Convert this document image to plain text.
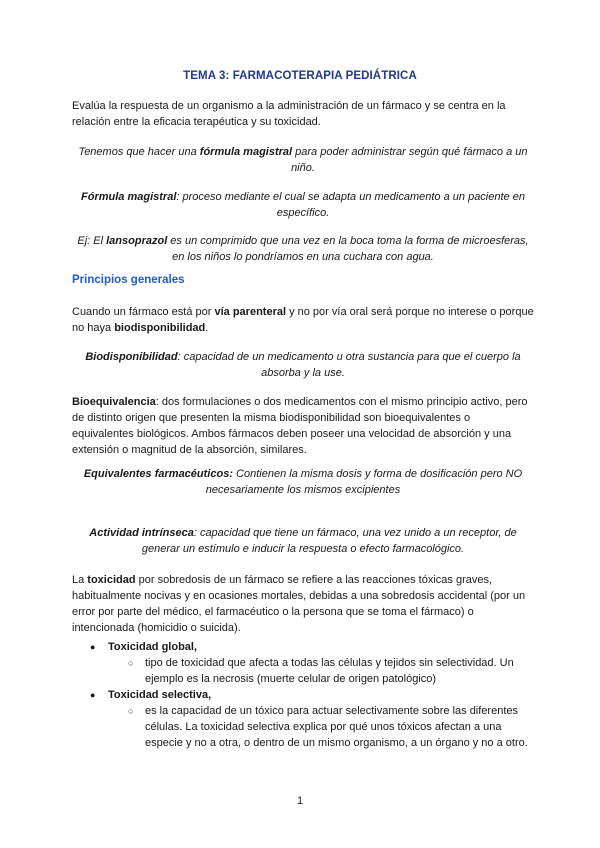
TEMA 3: FARMACOTERAPIA PEDIÁTRICA
Evalúa la respuesta de un organismo a la administración de un fármaco y se centra en la relación entre la eficacia terapéutica y su toxicidad.
Tenemos que hacer una fórmula magistral para poder administrar según qué fármaco a un niño.
Fórmula magistral: proceso mediante el cual se adapta un medicamento a un paciente en específico.
Ej: El lansoprazol es un comprimido que una vez en la boca toma la forma de microesferas, en los niños lo pondríamos en una cuchara con agua.
Principios generales
Cuando un fármaco está por vía parenteral y no por vía oral será porque no interese o porque no haya biodisponibilidad.
Biodisponibilidad: capacidad de un medicamento u otra sustancia para que el cuerpo la absorba y la use.
Bioequivalencia: dos formulaciones o dos medicamentos con el mismo principio activo, pero de distinto origen que presenten la misma biodisponibilidad son bioequivalentes o equivalentes biológicos. Ambos fármacos deben poseer una velocidad de absorción y una extensión o magnitud de la absorción, similares.
Equivalentes farmacéuticos: Contienen la misma dosis y forma de dosificación pero NO necesariamente los mismos excipientes
Actividad intrínseca: capacidad que tiene un fármaco, una vez unido a un receptor, de generar un estímulo e inducir la respuesta o efecto farmacológico.
La toxicidad por sobredosis de un fármaco se refiere a las reacciones tóxicas graves, habitualmente nocivas y en ocasiones mortales, debidas a una sobredosis accidental (por un error por parte del médico, el farmacéutico o la persona que se toma el fármaco) o intencionada (homicidio o suicida).
● Toxicidad global,
○ tipo de toxicidad que afecta a todas las células y tejidos sin selectividad. Un ejemplo es la necrosis (muerte celular de origen patológico)
● Toxicidad selectiva,
○ es la capacidad de un tóxico para actuar selectivamente sobre las diferentes células. La toxicidad selectiva explica por qué unos tóxicos afectan a una especie y no a otra, o dentro de un mismo organismo, a un órgano y no a otro.
1
